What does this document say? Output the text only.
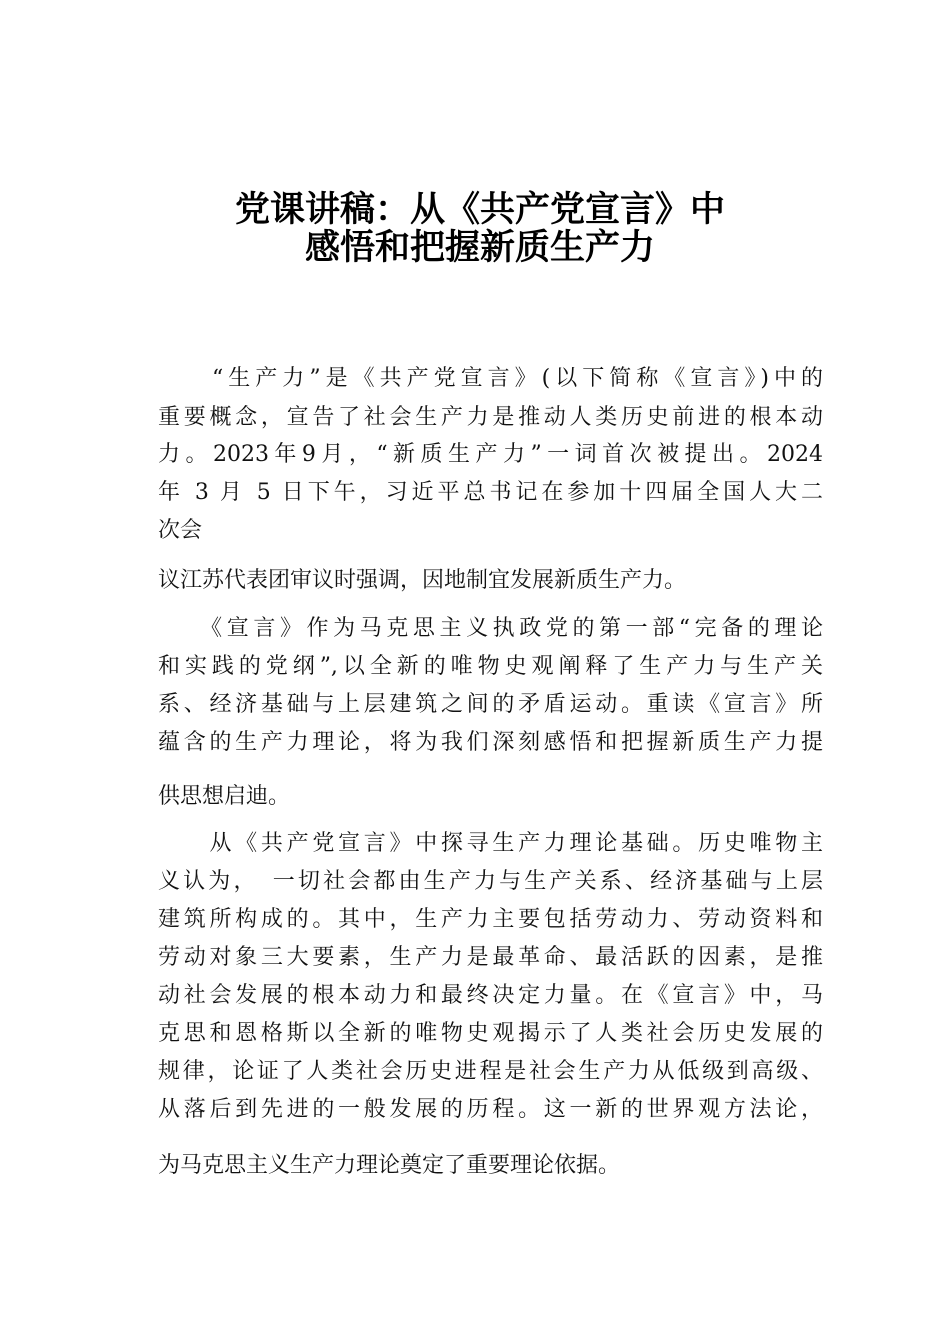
党课讲稿：从《共产党宣言》中
感悟和把握新质生产力
　　“生产力”是《共产党宣言》(以下简称《宣言》)中的
重要概念，宣告了社会生产力是推动人类历史前进的根本动
力。2023年9月，“新质生产力”一词首次被提出。2024
年 3 月 5 日下午，习近平总书记在参加十四届全国人大二
次会
议江苏代表团审议时强调，因地制宜发展新质生产力。
　　《宣言》作为马克思主义执政党的第一部“完备的理论
和实践的党纲”,以全新的唯物史观阐释了生产力与生产关
系、经济基础与上层建筑之间的矛盾运动。重读《宣言》所
蕴含的生产力理论，将为我们深刻感悟和把握新质生产力提
供思想启迪。
　　从《共产党宣言》中探寻生产力理论基础。历史唯物主
义认为，　一切社会都由生产力与生产关系、经济基础与上层
建筑所构成的。其中，生产力主要包括劳动力、劳动资料和
劳动对象三大要素，生产力是最革命、最活跃的因素，是推
动社会发展的根本动力和最终决定力量。在《宣言》中，马
克思和恩格斯以全新的唯物史观揭示了人类社会历史发展的
规律，论证了人类社会历史进程是社会生产力从低级到高级、
从落后到先进的一般发展的历程。这一新的世界观方法论，
为马克思主义生产力理论奠定了重要理论依据。
